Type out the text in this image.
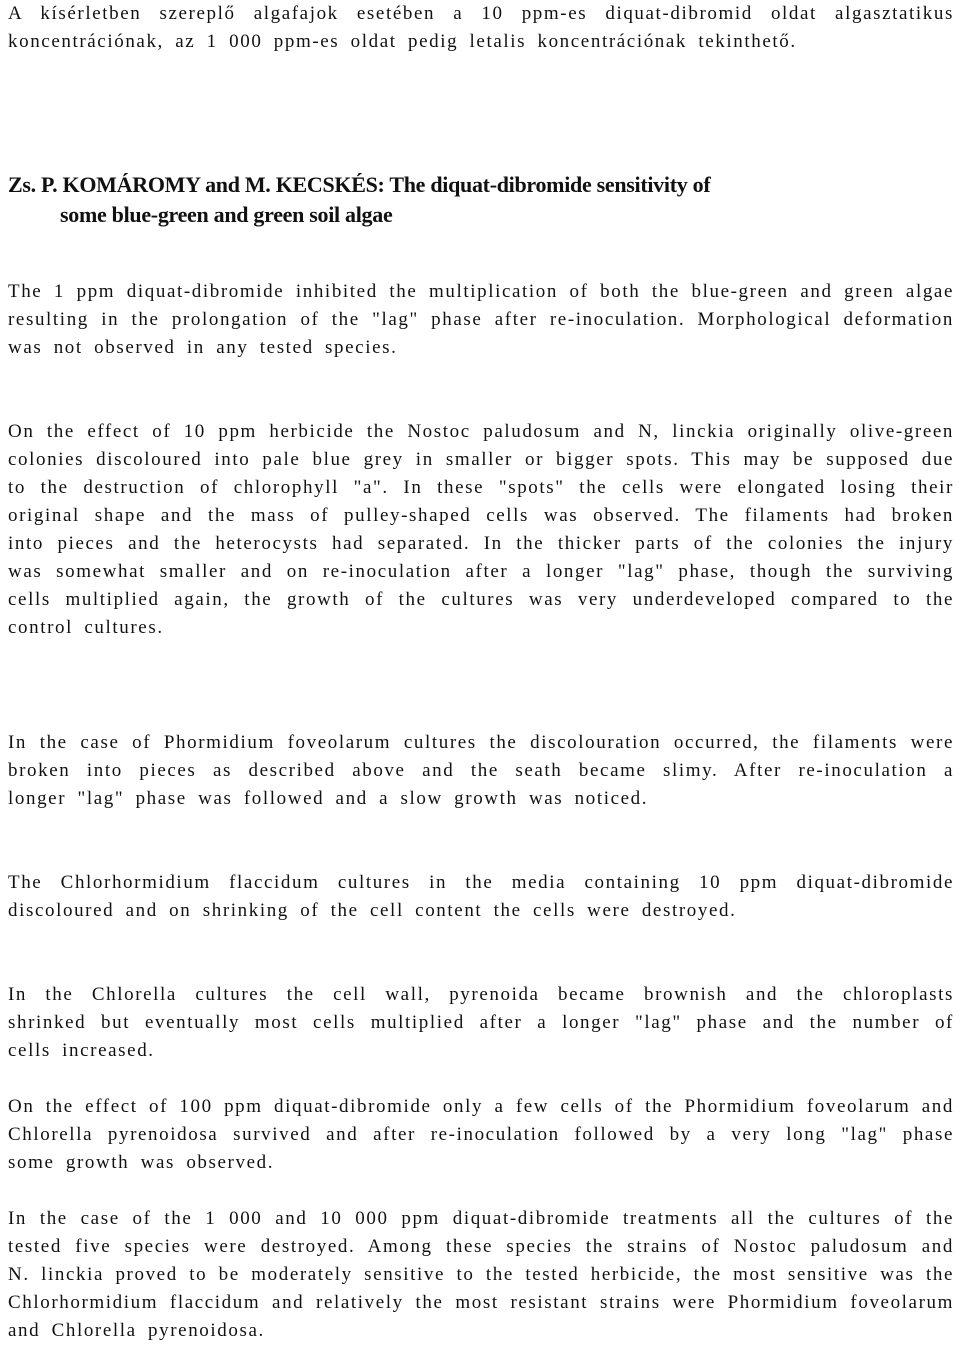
A kísérletben szereplő algafajok esetében a 10 ppm-es diquat-dibromid oldat algasztatikus koncentrációnak, az 1 000 ppm-es oldat pedig letalis koncentrációnak tekinthető.

Zs. P. KOMÁROMY and M. KECSKÉS: The diquat-dibromide sensitivity of
some blue-green and green soil algae

The 1 ppm diquat-dibromide inhibited the multiplication of both the blue-green and green algae resulting in the prolongation of the "lag" phase after re-inoculation. Morphological deformation was not observed in any tested species.

On the effect of 10 ppm herbicide the Nostoc paludosum and N, linckia originally olive-green colonies discoloured into pale blue grey in smaller or bigger spots. This may be supposed due to the destruction of chlorophyll "a". In these "spots" the cells were elongated losing their original shape and the mass of pulley-shaped cells was observed. The filaments had broken into pieces and the heterocysts had separated. In the thicker parts of the colonies the injury was somewhat smaller and on re-inoculation after a longer "lag" phase, though the surviving cells multiplied again, the growth of the cultures was very underdeveloped compared to the control cultures.

In the case of Phormidium foveolarum cultures the discolouration occurred, the filaments were broken into pieces as described above and the seath became slimy. After re-inoculation a longer "lag" phase was followed and a slow growth was noticed.

The Chlorhormidium flaccidum cultures in the media containing 10 ppm diquat-dibromide discoloured and on shrinking of the cell content the cells were destroyed.

In the Chlorella cultures the cell wall, pyrenoida became brownish and the chloroplasts shrinked but eventually most cells multiplied after a longer "lag" phase and the number of cells increased.

On the effect of 100 ppm diquat-dibromide only a few cells of the Phormidium foveolarum and Chlorella pyrenoidosa survived and after re-inoculation followed by a very long "lag" phase some growth was observed.

In the case of the 1 000 and 10 000 ppm diquat-dibromide treatments all the cultures of the tested five species were destroyed. Among these species the strains of Nostoc paludosum and N. linckia proved to be moderately sensitive to the tested herbicide, the most sensitive was the Chlorhormidium flaccidum and relatively the most resistant strains were Phormidium foveolarum and Chlorella pyrenoidosa.
